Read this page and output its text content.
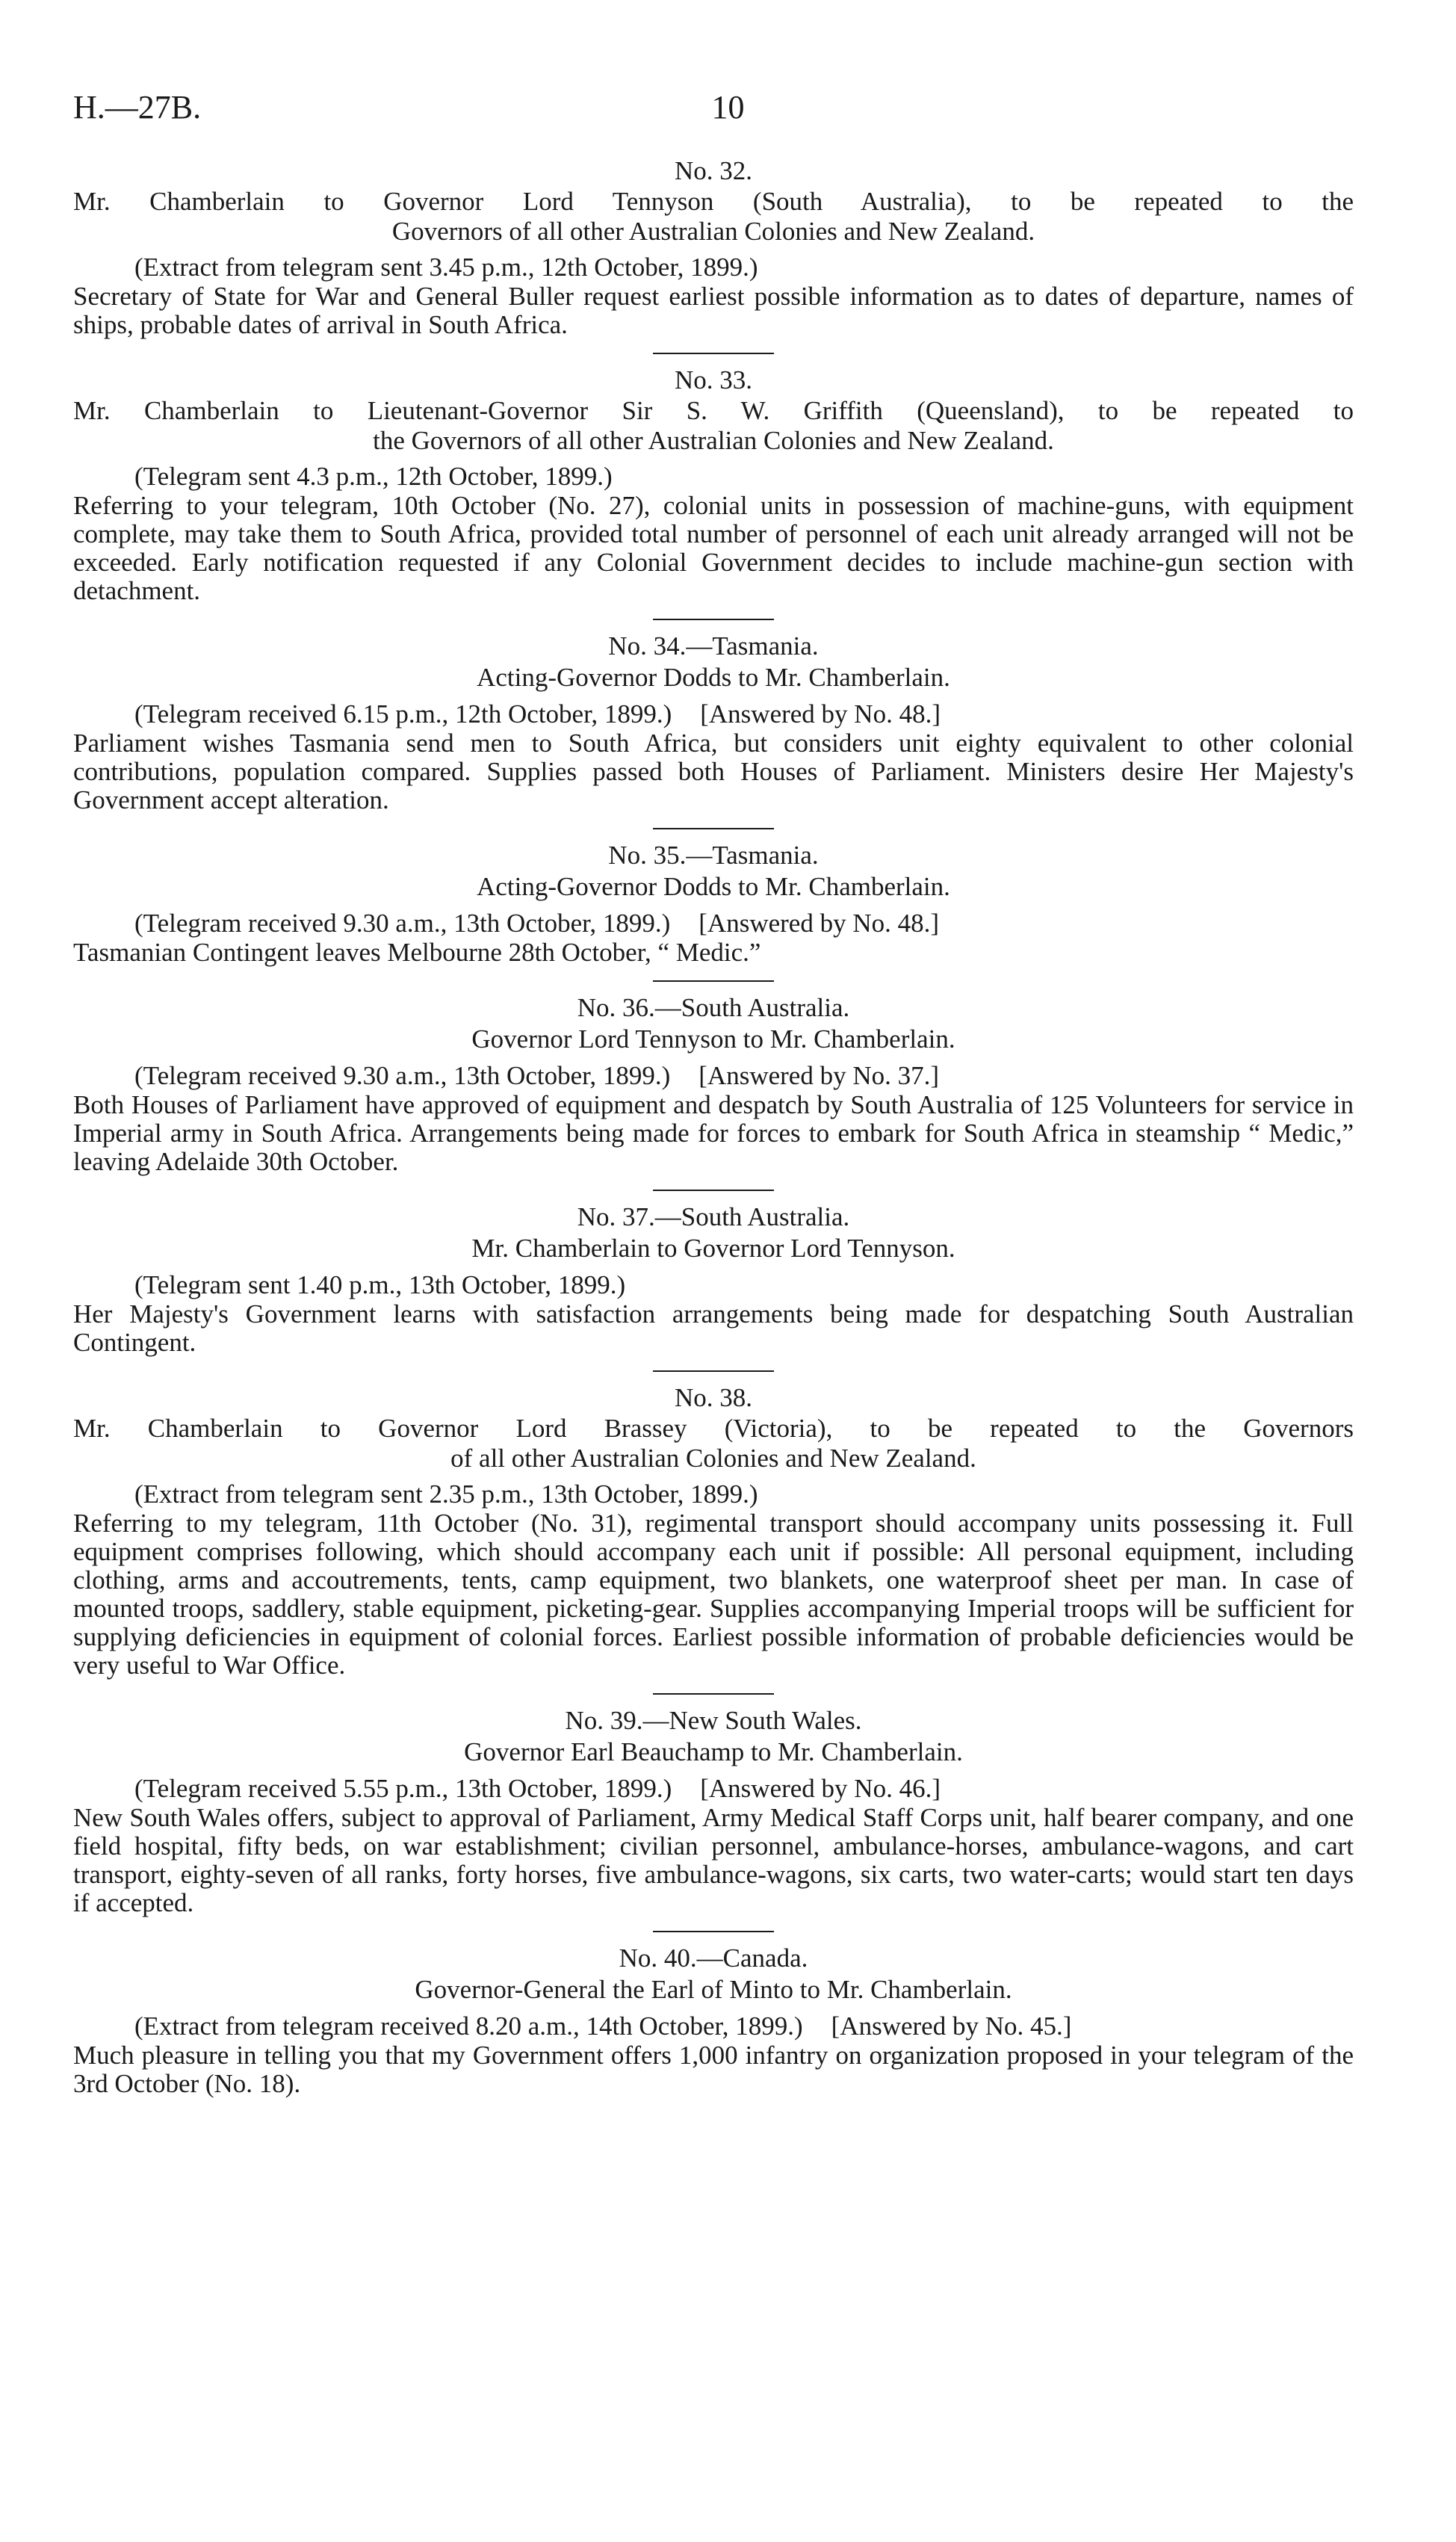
H.—27B.	10
No. 32.
Mr. Chamberlain to Governor Lord Tennyson (South Australia), to be repeated to the
Governors of all other Australian Colonies and New Zealand.
(Extract from telegram sent 3.45 p.m., 12th October, 1899.)
Secretary of State for War and General Buller request earliest possible information as to dates of departure, names of ships, probable dates of arrival in South Africa.
No. 33.
Mr. Chamberlain to Lieutenant-Governor Sir S. W. Griffith (Queensland), to be repeated to
the Governors of all other Australian Colonies and New Zealand.
(Telegram sent 4.3 p.m., 12th October, 1899.)
Referring to your telegram, 10th October (No. 27), colonial units in possession of machine-guns, with equipment complete, may take them to South Africa, provided total number of personnel of each unit already arranged will not be exceeded. Early notification requested if any Colonial Government decides to include machine-gun section with detachment.
No. 34.—Tasmania.
Acting-Governor Dodds to Mr. Chamberlain.
(Telegram received 6.15 p.m., 12th October, 1899.) [Answered by No. 48.]
Parliament wishes Tasmania send men to South Africa, but considers unit eighty equivalent to other colonial contributions, population compared. Supplies passed both Houses of Parliament. Ministers desire Her Majesty's Government accept alteration.
No. 35.—Tasmania.
Acting-Governor Dodds to Mr. Chamberlain.
(Telegram received 9.30 a.m., 13th October, 1899.) [Answered by No. 48.]
Tasmanian Contingent leaves Melbourne 28th October, “ Medic.”
No. 36.—South Australia.
Governor Lord Tennyson to Mr. Chamberlain.
(Telegram received 9.30 a.m., 13th October, 1899.) [Answered by No. 37.]
Both Houses of Parliament have approved of equipment and despatch by South Australia of 125 Volunteers for service in Imperial army in South Africa. Arrangements being made for forces to embark for South Africa in steamship “ Medic,” leaving Adelaide 30th October.
No. 37.—South Australia.
Mr. Chamberlain to Governor Lord Tennyson.
(Telegram sent 1.40 p.m., 13th October, 1899.)
Her Majesty's Government learns with satisfaction arrangements being made for despatching South Australian Contingent.
No. 38.
Mr. Chamberlain to Governor Lord Brassey (Victoria), to be repeated to the Governors
of all other Australian Colonies and New Zealand.
(Extract from telegram sent 2.35 p.m., 13th October, 1899.)
Referring to my telegram, 11th October (No. 31), regimental transport should accompany units possessing it. Full equipment comprises following, which should accompany each unit if possible: All personal equipment, including clothing, arms and accoutrements, tents, camp equipment, two blankets, one waterproof sheet per man. In case of mounted troops, saddlery, stable equipment, picketing-gear. Supplies accompanying Imperial troops will be sufficient for supplying deficiencies in equipment of colonial forces. Earliest possible information of probable deficiencies would be very useful to War Office.
No. 39.—New South Wales.
Governor Earl Beauchamp to Mr. Chamberlain.
(Telegram received 5.55 p.m., 13th October, 1899.) [Answered by No. 46.]
New South Wales offers, subject to approval of Parliament, Army Medical Staff Corps unit, half bearer company, and one field hospital, fifty beds, on war establishment; civilian personnel, ambulance-horses, ambulance-wagons, and cart transport, eighty-seven of all ranks, forty horses, five ambulance-wagons, six carts, two water-carts; would start ten days if accepted.
No. 40.—Canada.
Governor-General the Earl of Minto to Mr. Chamberlain.
(Extract from telegram received 8.20 a.m., 14th October, 1899.) [Answered by No. 45.]
Much pleasure in telling you that my Government offers 1,000 infantry on organization proposed in your telegram of the 3rd October (No. 18).
